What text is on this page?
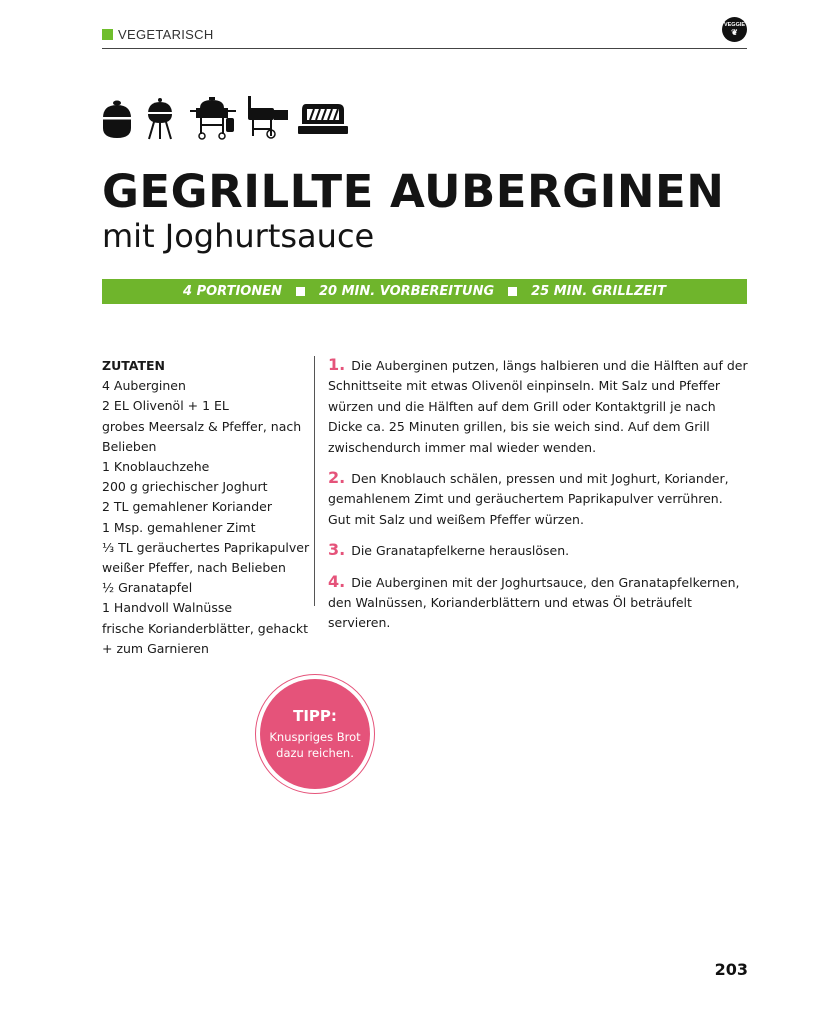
VEGETARISCH
VEGGIE
❦
GEGRILLTE AUBERGINEN
mit Joghurtsauce
4 PORTIONEN	20 MIN. VORBEREITUNG	25 MIN. GRILLZEIT
ZUTATEN
4 Auberginen
2 EL Olivenöl + 1 EL
grobes Meersalz & Pfeffer, nach Belieben
1 Knoblauchzehe
200 g griechischer Joghurt
2 TL gemahlener Koriander
1 Msp. gemahlener Zimt
⅓ TL geräuchertes Paprikapulver
weißer Pfeffer, nach Belieben
½ Granatapfel
1 Handvoll Walnüsse
frische Korianderblätter, gehackt + zum Garnieren
1. Die Auberginen putzen, längs halbieren und die Hälften auf der Schnittseite mit etwas Olivenöl einpinseln. Mit Salz und Pfeffer würzen und die Hälften auf dem Grill oder Kontaktgrill je nach Dicke ca. 25 Minuten grillen, bis sie weich sind. Auf dem Grill zwischendurch immer mal wieder wenden.
2. Den Knoblauch schälen, pressen und mit Joghurt, Koriander, gemahlenem Zimt und geräuchertem Paprikapulver verrühren. Gut mit Salz und weißem Pfeffer würzen.
3. Die Granatapfelkerne herauslösen.
4. Die Auberginen mit der Joghurtsauce, den Granatapfelkernen, den Walnüssen, Korianderblättern und etwas Öl beträufelt servieren.
TIPP:
Knuspriges Brot dazu reichen.
203
